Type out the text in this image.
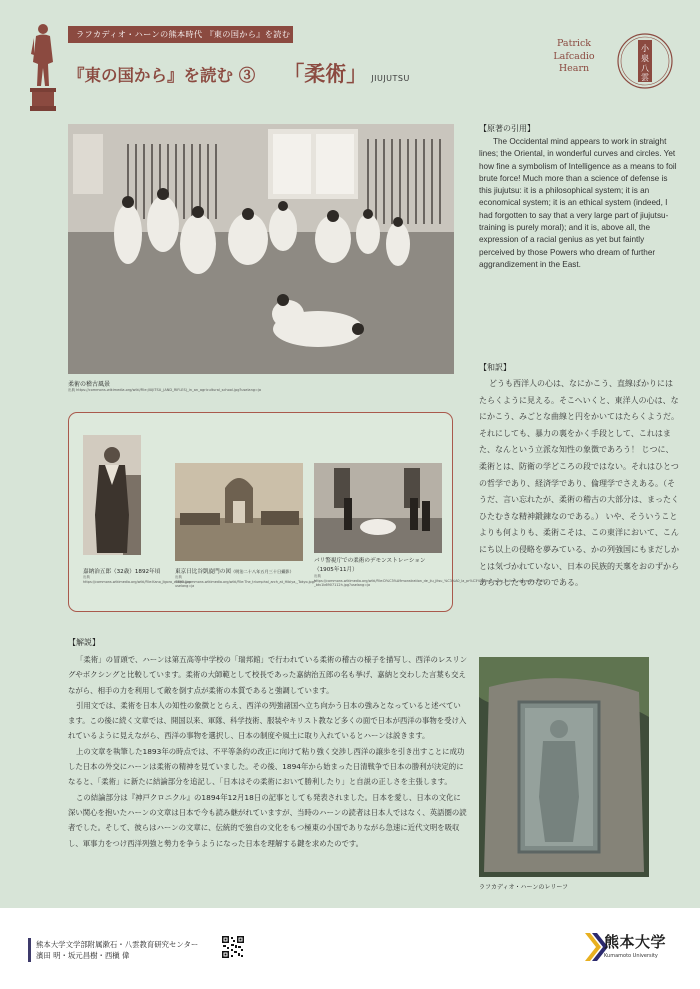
ラフカディオ・ハーンの熊本時代 『東の国から』を読む
『東の国から』を読む ③ 「柔術」 JIUJUTSU
Patrick
Lafcadio
Hearn
小
泉
八
雲
柔術の稽古風景
出典 https://commons.wikimedia.org/wiki/File:JIUJITSU_(AND_RIFLES)_in_an_agricultural_school.jpg?uselang=ja
【原著の引用】
The Occidental mind appears to work in straight lines; the Oriental, in wonderful curves and circles. Yet how fine a symbolism of Intelligence as a means to foil brute force! Much more than a science of defense is this jiujutsu: it is a philosophical system; it is an economical system; it is an ethical system (indeed, I had forgotten to say that a very large part of jiujutsu-training is purely moral); and it is, above all, the expression of a racial genius as yet but faintly perceived by those Powers who dream of further aggrandizement in the East.
【和訳】
どうも西洋人の心は、なにかこう、直線ばかりにはたらくように見える。そこへいくと、東洋人の心は、なにかこう、みごとな曲線と円をかいてはたらくようだ。それにしても、暴力の裏をかく手段として、これはまた、なんという立派な知性の象徴であろう！ じつに、柔術とは、防衛の学どころの段ではない。それはひとつの哲学であり、経済学であり、倫理学でさえある。（そうだ、言い忘れたが、柔術の稽古の大部分は、まったくひたむきな精神鍛錬なのである。） いや、そういうことよりも何よりも、柔術こそは、この東洋において、こんにち以上の侵略を夢みている、かの列強国にもまだしかとは気づかれていない、日本の民族的天稟をおのずからあらわしたものなのである。
嘉納治五郎（32歳）1892年頃
出典 https://commons.wikimedia.org/wiki/File:Kano_Jigoro_c1892.jpg
東京日比谷凱旋門の図（明治二十八年五月三十日撮影）
出典 https://commons.wikimedia.org/wiki/File:The_triumphal_arch_at_Hibiya,_Tokyo.jpg?uselang=ja
パリ警視庁での柔術のデモンストレーション
（1905年11月）
出典 https://commons.wikimedia.org/wiki/File:D%C3%A9monstration_de_jiu_jitsu_%C3%A0_la_pr%C3%A9fecture_de_police,_novembre_1905_-_btv1b6907112h.jpg?uselang=ja
【解説】

「柔術」の冒頭で、ハーンは第五高等中学校の「瑞邦館」で行われている柔術の稽古の様子を描写し、西洋のレスリングやボクシングと比較しています。柔術の大師範として校長であった嘉納治五郎の名も挙げ、嘉納と交わした言葉も交えながら、相手の力を利用して敵を倒す点が柔術の本質であると強調しています。

引用文では、柔術を日本人の知性の象徴ととらえ、西洋の列強諸国へ立ち向かう日本の強みとなっていると述べています。この後に続く文章では、開国以来、軍隊、科学技術、服装やキリスト教など多くの面で日本が西洋の事物を受け入れているように見えながら、西洋の事物を選択し、日本の制度や風土に取り入れているとハーンは説きます。

上の文章を執筆した1893年の時点では、不平等条約の改正に向けて粘り強く交渉し西洋の譲歩を引き出すことに成功した日本の外交にハーンは柔術の精神を見ていました。その後、1894年から始まった日清戦争で日本の勝利が決定的になると、「柔術」に新たに結論部分を追記し、「日本はその柔術において勝利したり」と自説の正しさを主張します。

この結論部分は『神戸クロニクル』の1894年12月18日の記事としても発表されました。日本を愛し、日本の文化に深い関心を抱いたハーンの文章は日本で今も読み継がれていますが、当時のハーンの読者は日本人ではなく、英語圏の読者でした。そして、彼らはハーンの文章に、伝統的で独自の文化をもつ極東の小国でありながら急速に近代文明を吸収し、軍事力をつけ西洋列強と勢力を争うようになった日本を理解する鍵を求めたのです。

ラフカディオ・ハーンのレリーフ
熊本大学文学部附属漱石・八雲教育研究センター
濱田 明・坂元昌樹・西槇 偉
熊本大学
Kumamoto University
